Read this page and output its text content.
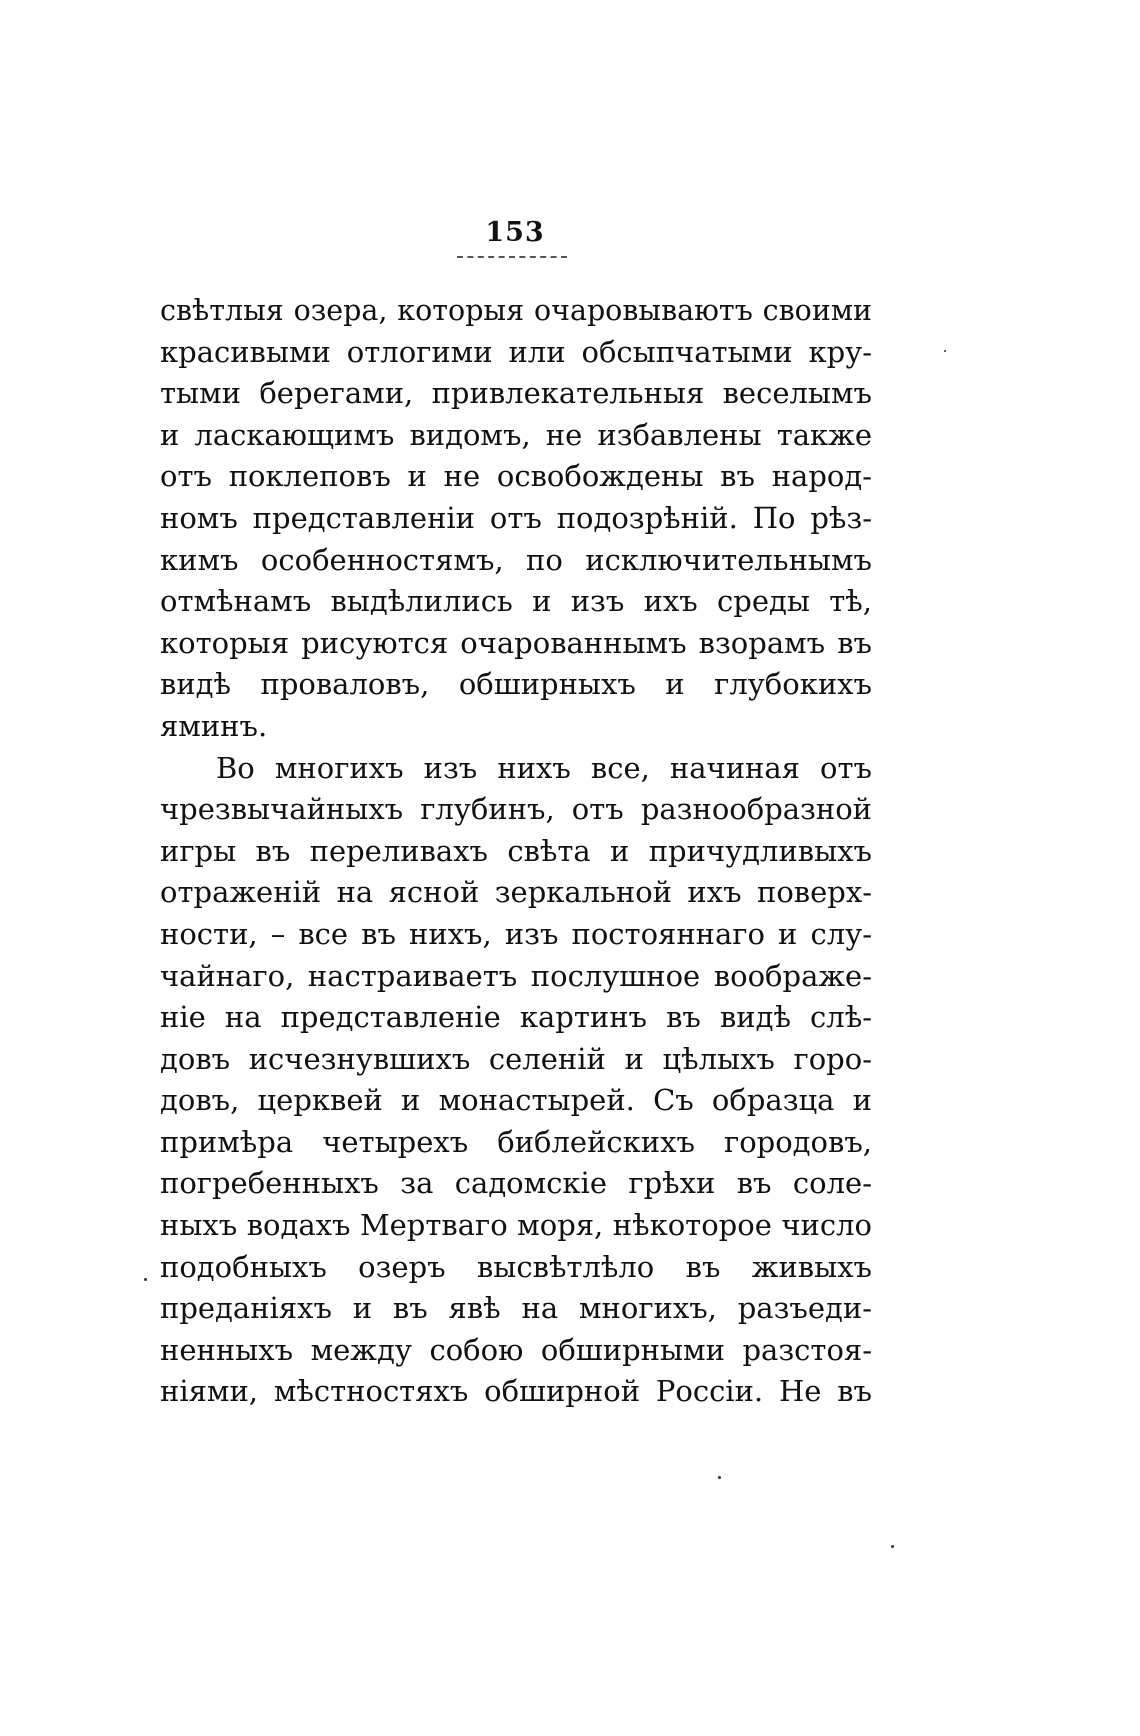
153
свѣтлыя озера, которыя очаровываютъ своими
красивыми отлогими или обсыпчатыми кру-
тыми берегами, привлекательныя веселымъ
и ласкающимъ видомъ, не избавлены также
отъ поклеповъ и не освобождены въ народ-
номъ представленіи отъ подозрѣній. По рѣз-
кимъ особенностямъ, по исключительнымъ
отмѣнамъ выдѣлились и изъ ихъ среды тѣ,
которыя рисуются очарованнымъ взорамъ въ
видѣ проваловъ, обширныхъ и глубокихъ
яминъ.
Во многихъ изъ нихъ все, начиная отъ
чрезвычайныхъ глубинъ, отъ разнообразной
игры въ переливахъ свѣта и причудливыхъ
отраженій на ясной зеркальной ихъ поверх-
ности, – все въ нихъ, изъ постояннаго и слу-
чайнаго, настраиваетъ послушное воображе-
ніе на представленіе картинъ въ видѣ слѣ-
довъ исчезнувшихъ селеній и цѣлыхъ горо-
довъ, церквей и монастырей. Съ образца и
примѣра четырехъ библейскихъ городовъ,
погребенныхъ за садомскіе грѣхи въ соле-
ныхъ водахъ Мертваго моря, нѣкоторое число
подобныхъ озеръ высвѣтлѣло въ живыхъ
преданіяхъ и въ явѣ на многихъ, разъеди-
ненныхъ между собою обширными разстоя-
ніями, мѣстностяхъ обширной Россіи. Не въ
